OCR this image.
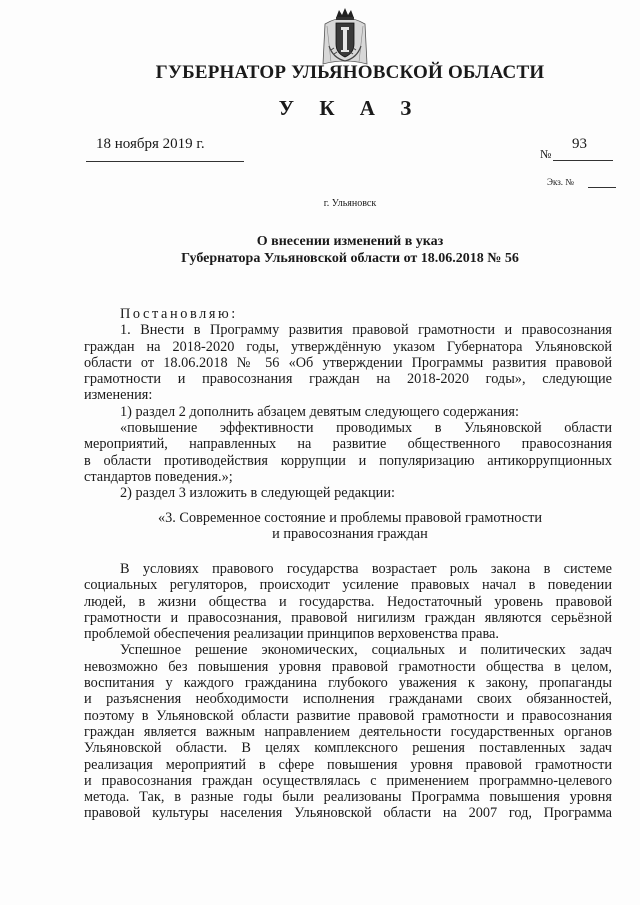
ГУБЕРНАТОР УЛЬЯНОВСКОЙ ОБЛАСТИ
У К А З
18 ноября 2019 г.
№
93
Экз. №
г. Ульяновск
О внесении изменений в указ
Губернатора Ульяновской области от 18.06.2018 № 56
Постановляю:
1. Внести в Программу развития правовой грамотности и правосознания
граждан на 2018-2020 годы, утверждённую указом Губернатора Ульяновской
области от 18.06.2018 № 56 «Об утверждении Программы развития правовой
грамотности и правосознания граждан на 2018-2020 годы», следующие
изменения:
1) раздел 2 дополнить абзацем девятым следующего содержания:
«повышение эффективности проводимых в Ульяновской области
мероприятий, направленных на развитие общественного правосознания
в области противодействия коррупции и популяризацию антикоррупционных
стандартов поведения.»;
2) раздел 3 изложить в следующей редакции:
«3. Современное состояние и проблемы правовой грамотности
и правосознания граждан
В условиях правового государства возрастает роль закона в системе
социальных регуляторов, происходит усиление правовых начал в поведении
людей, в жизни общества и государства. Недостаточный уровень правовой
грамотности и правосознания, правовой нигилизм граждан являются серьёзной
проблемой обеспечения реализации принципов верховенства права.
Успешное решение экономических, социальных и политических задач
невозможно без повышения уровня правовой грамотности общества в целом,
воспитания у каждого гражданина глубокого уважения к закону, пропаганды
и разъяснения необходимости исполнения гражданами своих обязанностей,
поэтому в Ульяновской области развитие правовой грамотности и правосознания
граждан является важным направлением деятельности государственных органов
Ульяновской области. В целях комплексного решения поставленных задач
реализация мероприятий в сфере повышения уровня правовой грамотности
и правосознания граждан осуществлялась с применением программно-целевого
метода. Так, в разные годы были реализованы Программа повышения уровня
правовой культуры населения Ульяновской области на 2007 год, Программа
